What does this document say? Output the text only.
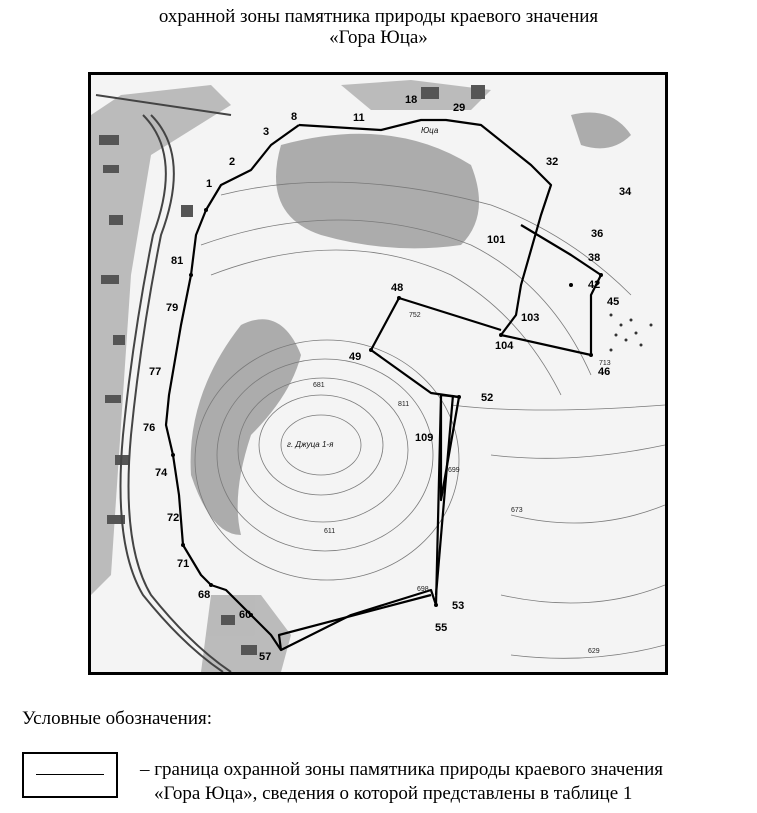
охранной зоны памятника природы краевого значения
«Гора Юца»
1
2
3
8	11
18
29
32
34
36
38
42
45
46
48
49
52
53
55
57
60
68
71
72
74
76
77
79
81
101
103
104
109
752
681
611
699
698
673
713
811
629
г. Джуца 1-я
Юца
Условные обозначения:
– граница охранной зоны памятника природы краевого значения
«Гора Юца», сведения о которой представлены в таблице 1
